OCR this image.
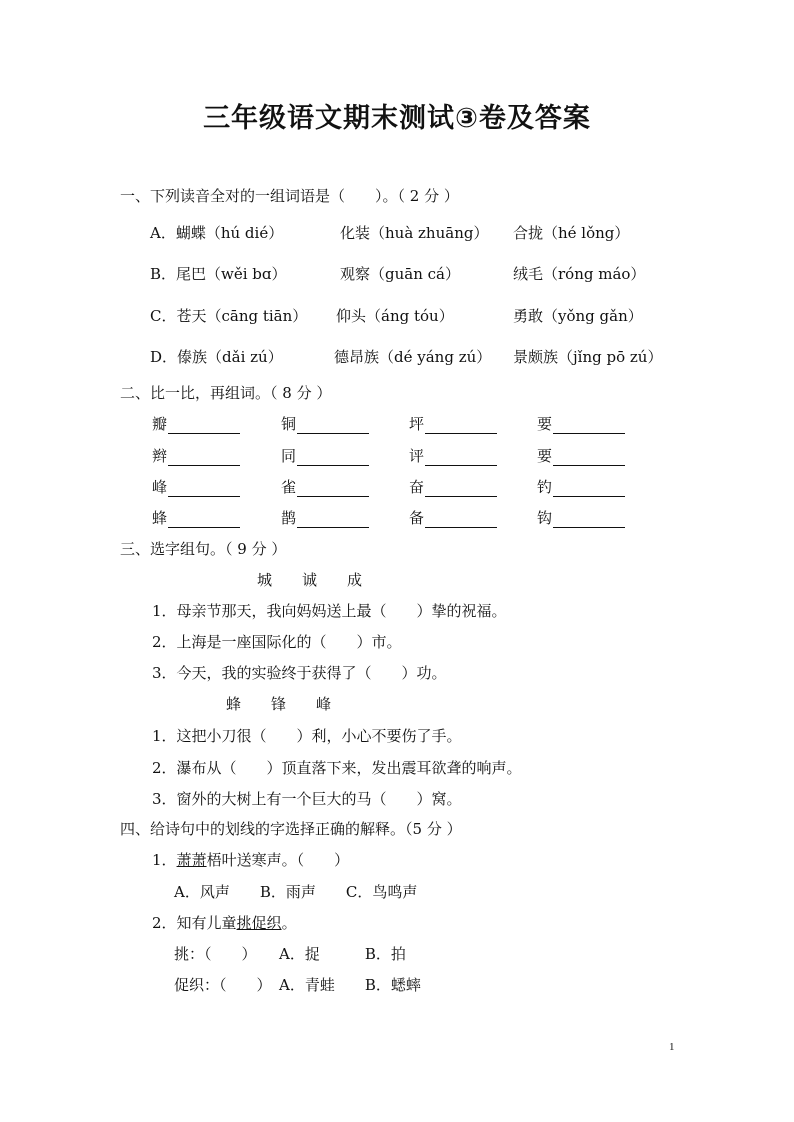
三年级语文期末测试③卷及答案
一、下列读音全对的一组词语是（　　）。（ 2 分 ）
A．蝴蝶（hú dié）	化装（huà zhuāng） 合拢（hé lǒng）
B．尾巴（wěi bɑ）	观察（guān cá）	绒毛（róng máo）
C．苍天（cāng tiān） 仰头（áng tóu）	勇敢（yǒng gǎn）
D．傣族（dǎi zú）	德昂族（dé yáng zú） 景颇族（jǐng pō zú）
二、比一比，再组词。（ 8 分 ）
瓣	铜	坪	要
辫	同	评	要
峰	雀	奋	钓
蜂	鹊	备	钩
三、选字组句。（ 9 分 ）
城　　诚　　成
1．母亲节那天，我向妈妈送上最（　　）挚的祝福。
2．上海是一座国际化的（　　）市。
3．今天，我的实验终于获得了（　　）功。
蜂　　锋　　峰
1．这把小刀很（　　）利，小心不要伤了手。
2．瀑布从（　　）顶直落下来，发出震耳欲聋的响声。
3．窗外的大树上有一个巨大的马（　　）窝。
四、给诗句中的划线的字选择正确的解释。（5 分 ）
1．萧萧梧叶送寒声。（　　）
A．风声　　B．雨声　　C．鸟鸣声
2．知有儿童挑促织。
挑：（　　）　　A．捉　　　B．拍
促织：（　　）　A．青蛙　　B．蟋蟀
1
